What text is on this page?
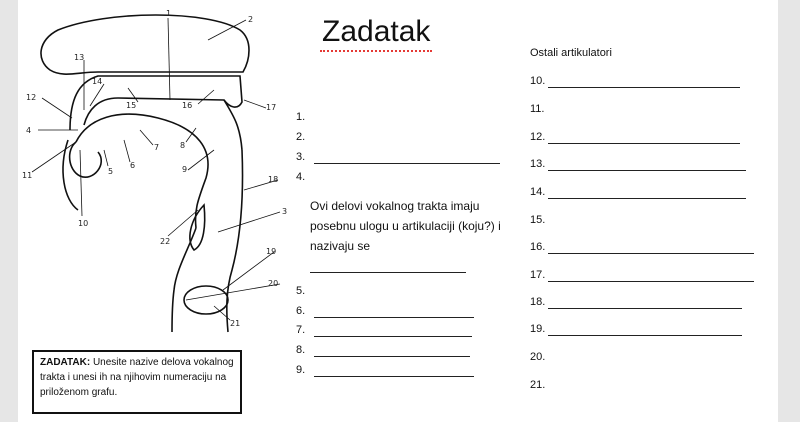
1
2
3
4
5
6
7	8
9
10
11
12
13
14
15	16	17
18
19
20
21
22
Zadatak
1.
2.
3.
4.
Ovi delovi vokalnog trakta imaju posebnu ulogu u artikulaciji (koju?) i nazivaju se
5.
6.
7.
8.
9.
Ostali artikulatori
10.
11.
12.
13.
14.
15.
16.
17.
18.
19.
20.
21.
ZADATAK: Unesite nazive delova vokalnog trakta i unesi ih na njihovim numeraciju na priloženom grafu.
